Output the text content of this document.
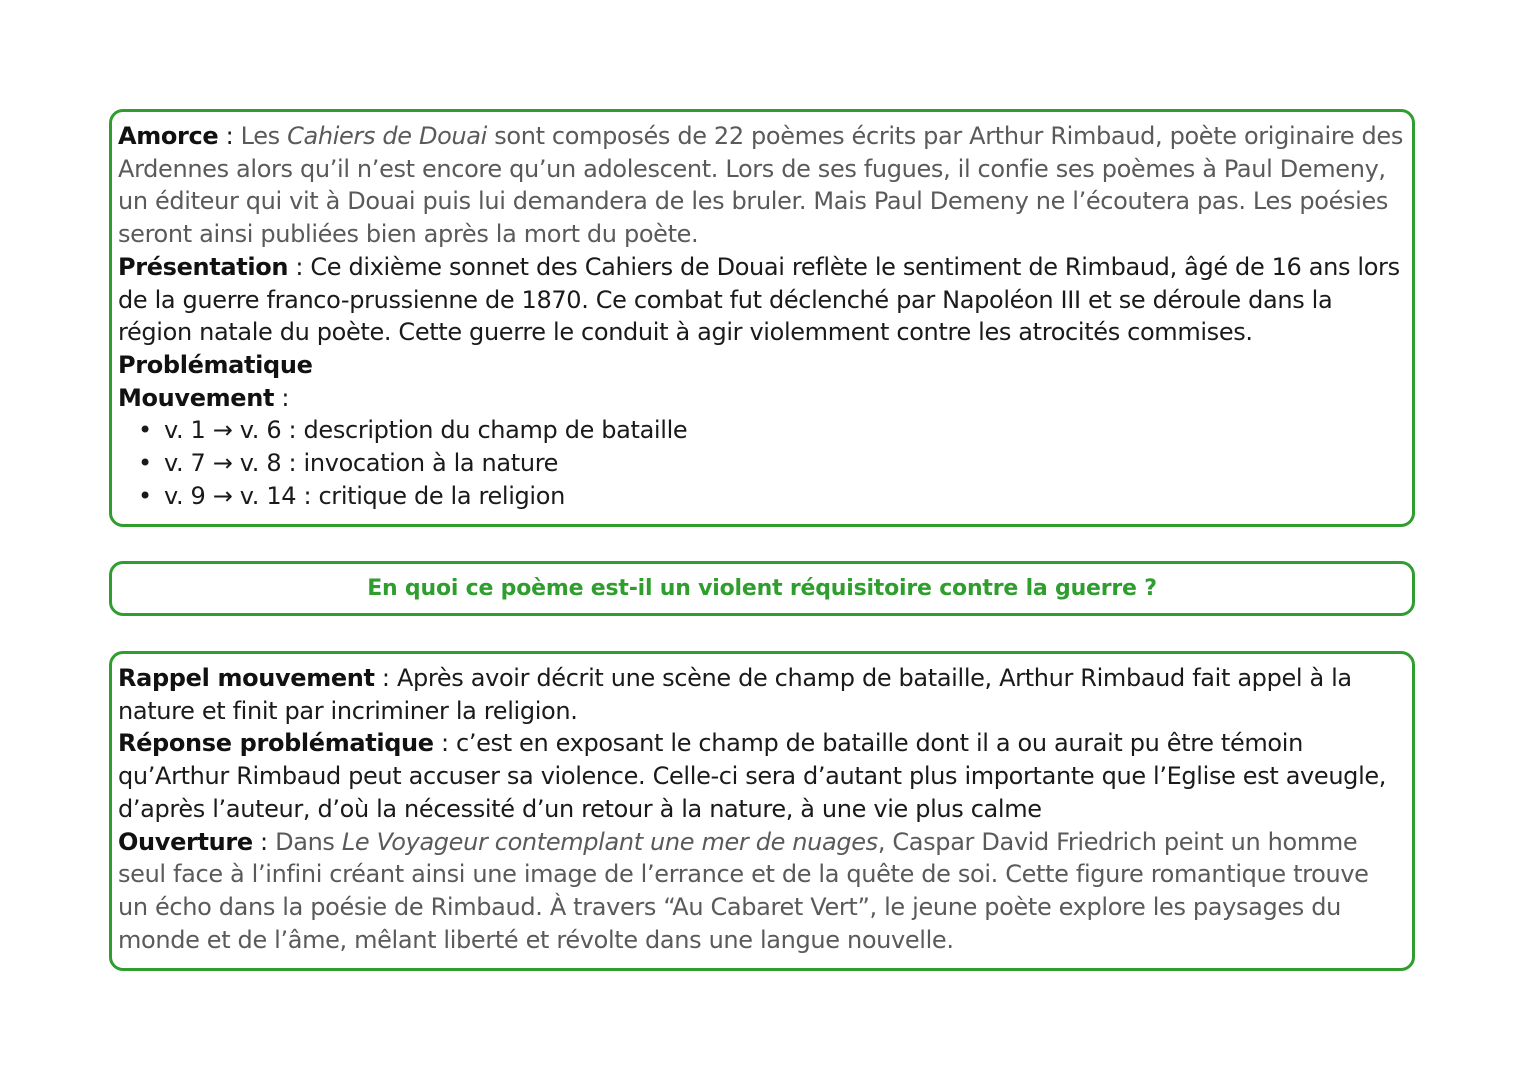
Amorce : Les Cahiers de Douai sont composés de 22 poèmes écrits par Arthur Rimbaud, poète originaire des Ardennes alors qu’il n’est encore qu’un adolescent. Lors de ses fugues, il confie ses poèmes à Paul Demeny, un éditeur qui vit à Douai puis lui demandera de les bruler. Mais Paul Demeny ne l’écoutera pas. Les poésies seront ainsi publiées bien après la mort du poète.

Présentation : Ce dixième sonnet des Cahiers de Douai reflète le sentiment de Rimbaud, âgé de 16 ans lors de la guerre franco-prussienne de 1870. Ce combat fut déclenché par Napoléon III et se déroule dans la région natale du poète. Cette guerre le conduit à agir violemment contre les atrocités commises.

Problématique

Mouvement :

• v. 1 → v. 6 : description du champ de bataille
• v. 7 → v. 8 : invocation à la nature
• v. 9 → v. 14 : critique de la religion
En quoi ce poème est-il un violent réquisitoire contre la guerre ?

Rappel mouvement : Après avoir décrit une scène de champ de bataille, Arthur Rimbaud fait appel à la nature et finit par incriminer la religion.

Réponse problématique : c’est en exposant le champ de bataille dont il a ou aurait pu être témoin qu’Arthur Rimbaud peut accuser sa violence. Celle-ci sera d’autant plus importante que l’Eglise est aveugle, d’après l’auteur, d’où la nécessité d’un retour à la nature, à une vie plus calme

Ouverture : Dans Le Voyageur contemplant une mer de nuages, Caspar David Friedrich peint un homme seul face à l’infini créant ainsi une image de l’errance et de la quête de soi. Cette figure romantique trouve un écho dans la poésie de Rimbaud. À travers “Au Cabaret Vert”, le jeune poète explore les paysages du monde et de l’âme, mêlant liberté et révolte dans une langue nouvelle.
